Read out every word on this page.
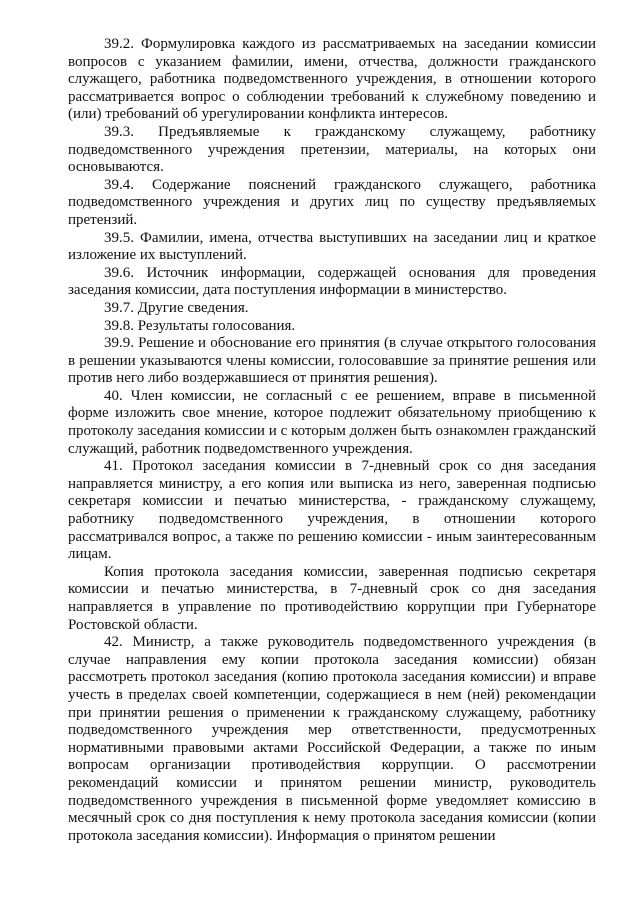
39.2. Формулировка каждого из рассматриваемых на заседании комиссии вопросов с указанием фамилии, имени, отчества, должности гражданского служащего, работника подведомственного учреждения, в отношении которого рассматривается вопрос о соблюдении требований к служебному поведению и (или) требований об урегулировании конфликта интересов.

39.3. Предъявляемые к гражданскому служащему, работнику подведомственного учреждения претензии, материалы, на которых они основываются.

39.4. Содержание пояснений гражданского служащего, работника подведомственного учреждения и других лиц по существу предъявляемых претензий.

39.5. Фамилии, имена, отчества выступивших на заседании лиц и краткое изложение их выступлений.

39.6. Источник информации, содержащей основания для проведения заседания комиссии, дата поступления информации в министерство.

39.7. Другие сведения.

39.8. Результаты голосования.

39.9. Решение и обоснование его принятия (в случае открытого голосования в решении указываются члены комиссии, голосовавшие за принятие решения или против него либо воздержавшиеся от принятия решения).

40. Член комиссии, не согласный с ее решением, вправе в письменной форме изложить свое мнение, которое подлежит обязательному приобщению к протоколу заседания комиссии и с которым должен быть ознакомлен гражданский служащий, работник подведомственного учреждения.

41. Протокол заседания комиссии в 7-дневный срок со дня заседания направляется министру, а его копия или выписка из него, заверенная подписью секретаря комиссии и печатью министерства, - гражданскому служащему, работнику подведомственного учреждения, в отношении которого рассматривался вопрос, а также по решению комиссии - иным заинтересованным лицам.

Копия протокола заседания комиссии, заверенная подписью секретаря комиссии и печатью министерства, в 7-дневный срок со дня заседания направляется в управление по противодействию коррупции при Губернаторе Ростовской области.

42. Министр, а также руководитель подведомственного учреждения (в случае направления ему копии протокола заседания комиссии) обязан рассмотреть протокол заседания (копию протокола заседания комиссии) и вправе учесть в пределах своей компетенции, содержащиеся в нем (ней) рекомендации при принятии решения о применении к гражданскому служащему, работнику подведомственного учреждения мер ответственности, предусмотренных нормативными правовыми актами Российской Федерации, а также по иным вопросам организации противодействия коррупции. О рассмотрении рекомендаций комиссии и принятом решении министр, руководитель подведомственного учреждения в письменной форме уведомляет комиссию в месячный срок со дня поступления к нему протокола заседания комиссии (копии протокола заседания комиссии). Информация о принятом решении
